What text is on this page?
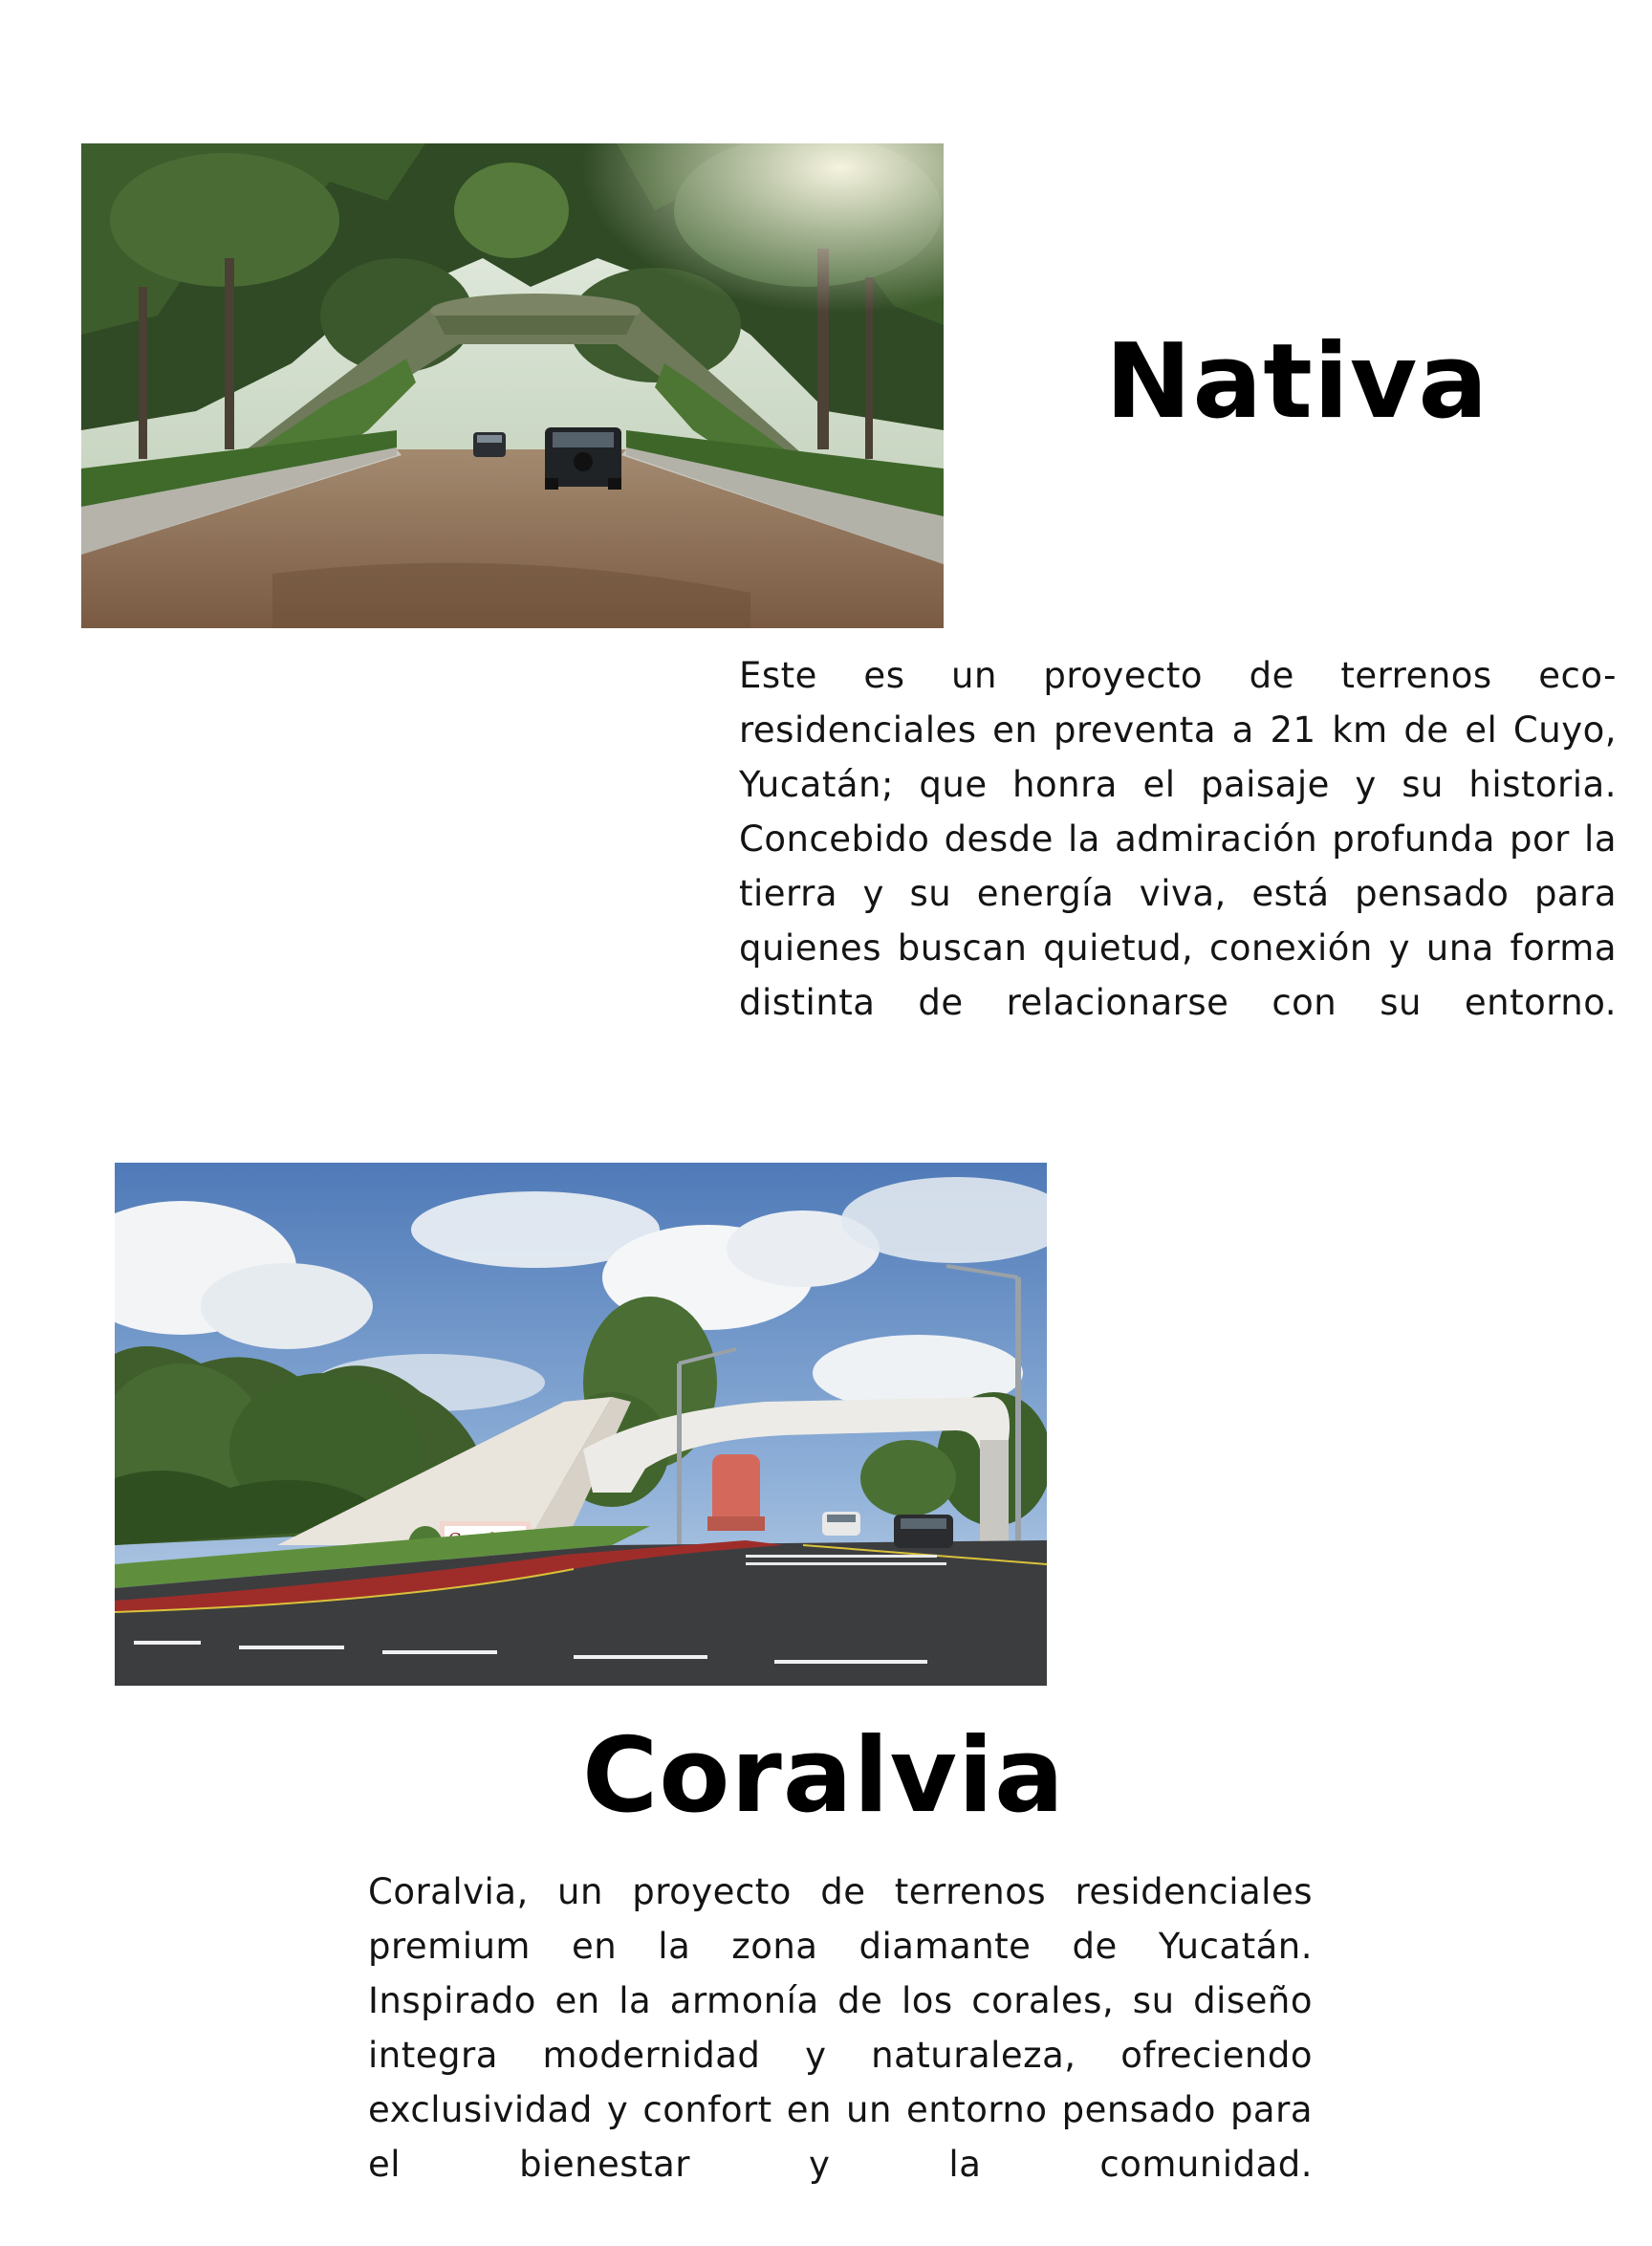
Nativa
Este es un proyecto de terrenos eco-residenciales en preventa a 21 km de el Cuyo, Yucatán; que honra el paisaje y su historia. Concebido desde la admiración profunda por la tierra y su energía viva, está pensado para quienes buscan quietud, conexión y una forma distinta de relacionarse con su entorno.
Coralvia
Coralvia, un proyecto de terrenos residenciales premium en la zona diamante de Yucatán. Inspirado en la armonía de los corales, su diseño integra modernidad y naturaleza, ofreciendo exclusividad y confort en un entorno pensado para el bienestar y la comunidad.
